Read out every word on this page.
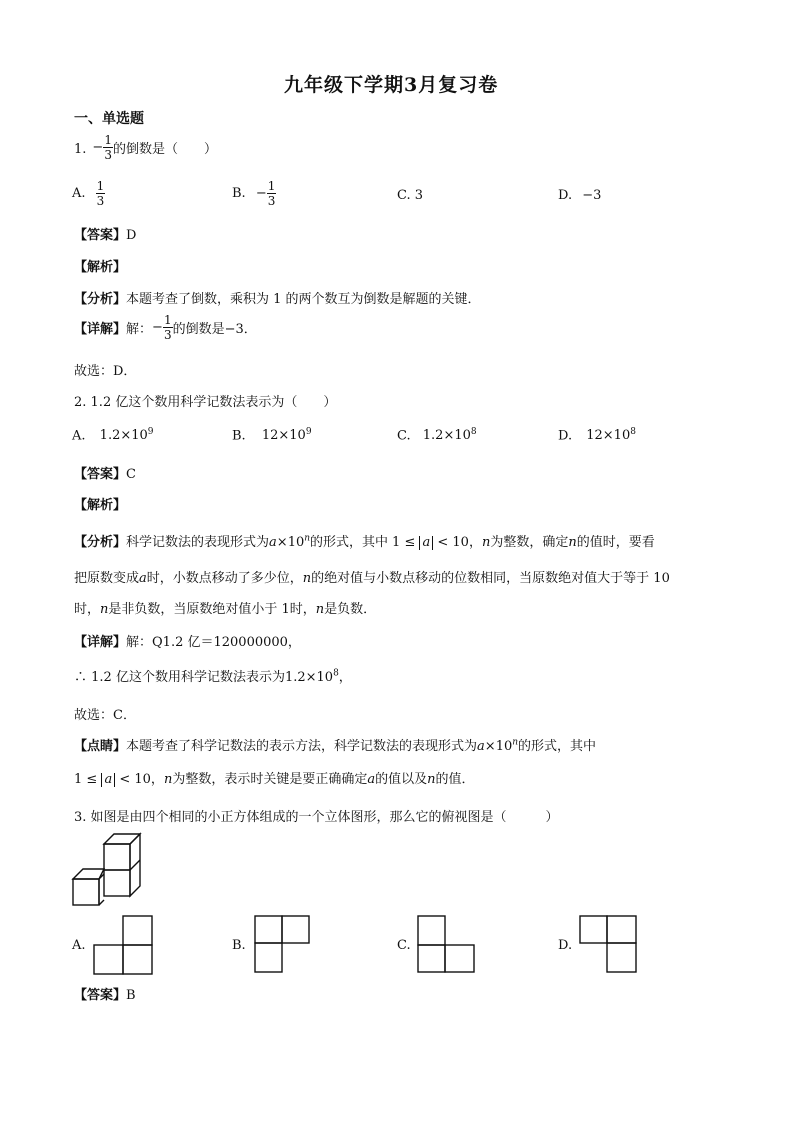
九年级下学期3月复习卷
一、单选题
1. − $\frac{1}{3}$ 的倒数是（　　）
A. $\frac{1}{3}$	B. − $\frac{1}{3}$	C. 3	D. −3
【答案】D
【解析】
【分析】本题考查了倒数，乘积为 1 的两个数互为倒数是解题的关键．
【详解】解：− $\frac{1}{3}$ 的倒数是−3．
故选：D．
2. 1.2 亿这个数用科学记数法表示为（　　）
A. $1.2\times 10^9$	B. $12\times 10^9$	C. $1.2\times 10^8$	D. $12\times 10^8$
【答案】C
【解析】
【分析】科学记数法的表现形式为$a\times 10^n$的形式，其中 1 ≤ a < 10，n为整数，确定n的值时，要看
把原数变成a时，小数点移动了多少位，n的绝对值与小数点移动的位数相同，当原数绝对值大于等于 10
时，n是非负数，当原数绝对值小于 1时，n是负数．
【详解】解：Q1.2 亿＝120000000，
∴ 1.2 亿这个数用科学记数法表示为$1.2\times 10^8$，
故选：C．
【点睛】本题考查了科学记数法的表示方法，科学记数法的表现形式为$a\times 10^n$的形式，其中
1 ≤ a < 10，n为整数，表示时关键是要正确确定a的值以及n的值．
3. 如图是由四个相同的小正方体组成的一个立体图形，那么它的俯视图是（　　　）
A.	B.	C.	D.
【答案】B
